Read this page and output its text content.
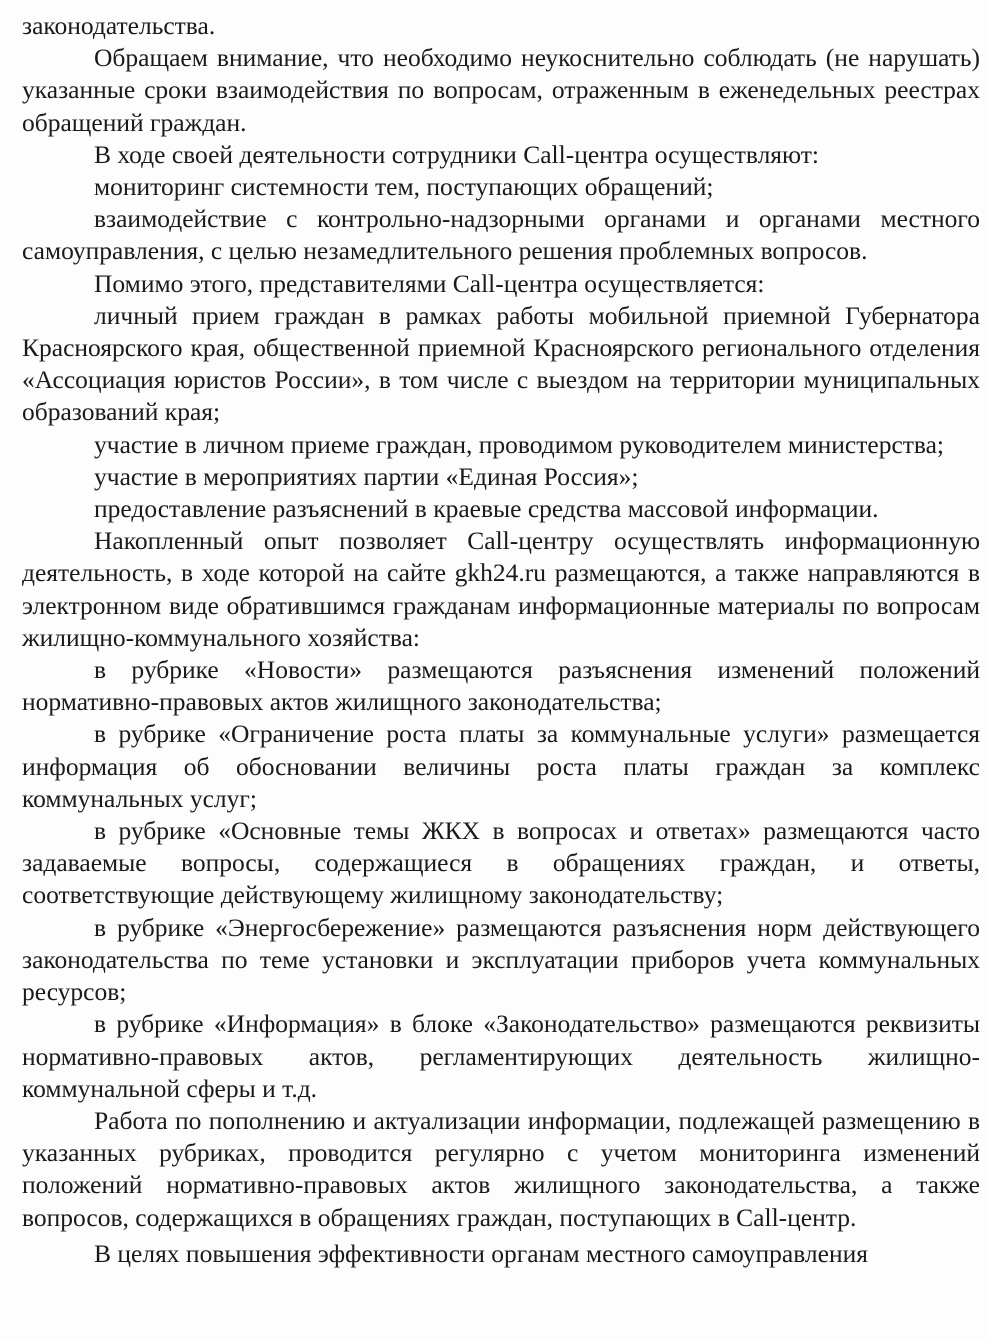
законодательства.

Обращаем внимание, что необходимо неукоснительно соблюдать (не нарушать) указанные сроки взаимодействия по вопросам, отраженным в еженедельных реестрах обращений граждан.

В ходе своей деятельности сотрудники Call-центра осуществляют:

мониторинг системности тем, поступающих обращений;

взаимодействие с контрольно-надзорными органами и органами местного самоуправления, с целью незамедлительного решения проблемных вопросов.

Помимо этого, представителями Call-центра осуществляется:

личный прием граждан в рамках работы мобильной приемной Губернатора Красноярского края, общественной приемной Красноярского регионального отделения «Ассоциация юристов России», в том числе с выездом на территории муниципальных образований края;

участие в личном приеме граждан, проводимом руководителем министерства;

участие в мероприятиях партии «Единая Россия»;

предоставление разъяснений в краевые средства массовой информации.

Накопленный опыт позволяет Call-центру осуществлять информационную деятельность, в ходе которой на сайте gkh24.ru размещаются, а также направляются в электронном виде обратившимся гражданам информационные материалы по вопросам жилищно-коммунального хозяйства:

в рубрике «Новости» размещаются разъяснения изменений положений нормативно-правовых актов жилищного законодательства;

в рубрике «Ограничение роста платы за коммунальные услуги» размещается информация об обосновании величины роста платы граждан за комплекс коммунальных услуг;

в рубрике «Основные темы ЖКХ в вопросах и ответах» размещаются часто задаваемые вопросы, содержащиеся в обращениях граждан, и ответы, соответствующие действующему жилищному законодательству;

в рубрике «Энергосбережение» размещаются разъяснения норм действующего законодательства по теме установки и эксплуатации приборов учета коммунальных ресурсов;

в рубрике «Информация» в блоке «Законодательство» размещаются реквизиты нормативно-правовых актов, регламентирующих деятельность жилищно-коммунальной сферы и т.д.

Работа по пополнению и актуализации информации, подлежащей размещению в указанных рубриках, проводится регулярно с учетом мониторинга изменений положений нормативно-правовых актов жилищного законодательства, а также вопросов, содержащихся в обращениях граждан, поступающих в Call-центр.

В целях повышения эффективности органам местного самоуправления
